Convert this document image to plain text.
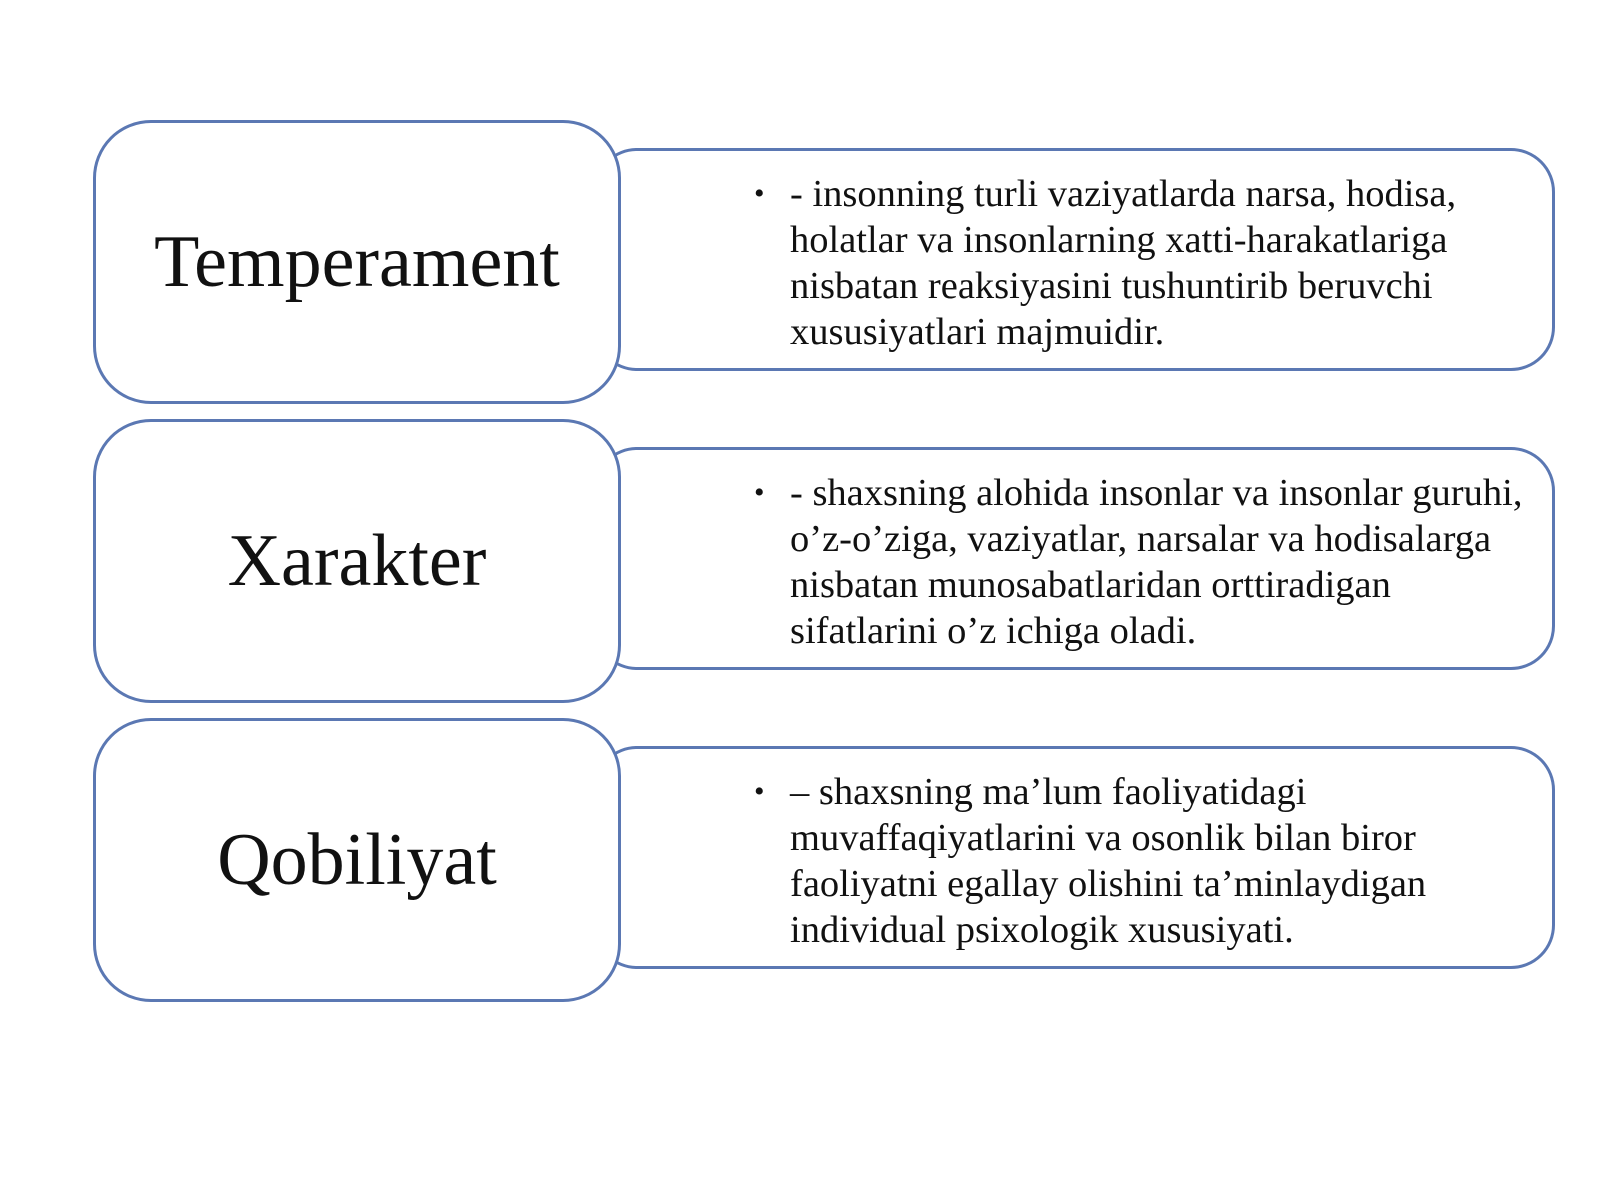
• - insonning turli vaziyatlarda narsa, hodisa, holatlar va insonlarning xatti-harakatlariga nisbatan reaksiyasini tushuntirib beruvchi xususiyatlari majmuidir.

Temperament
• - shaxsning alohida insonlar va insonlar guruhi, o’z-o’ziga, vaziyatlar, narsalar va hodisalarga nisbatan munosabatlaridan orttiradigan sifatlarini o’z ichiga oladi.

Xarakter
• – shaxsning ma’lum faoliyatidagi muvaffaqiyatlarini va osonlik bilan biror faoliyatni egallay olishini ta’minlaydigan individual psixologik xususiyati.

Qobiliyat
